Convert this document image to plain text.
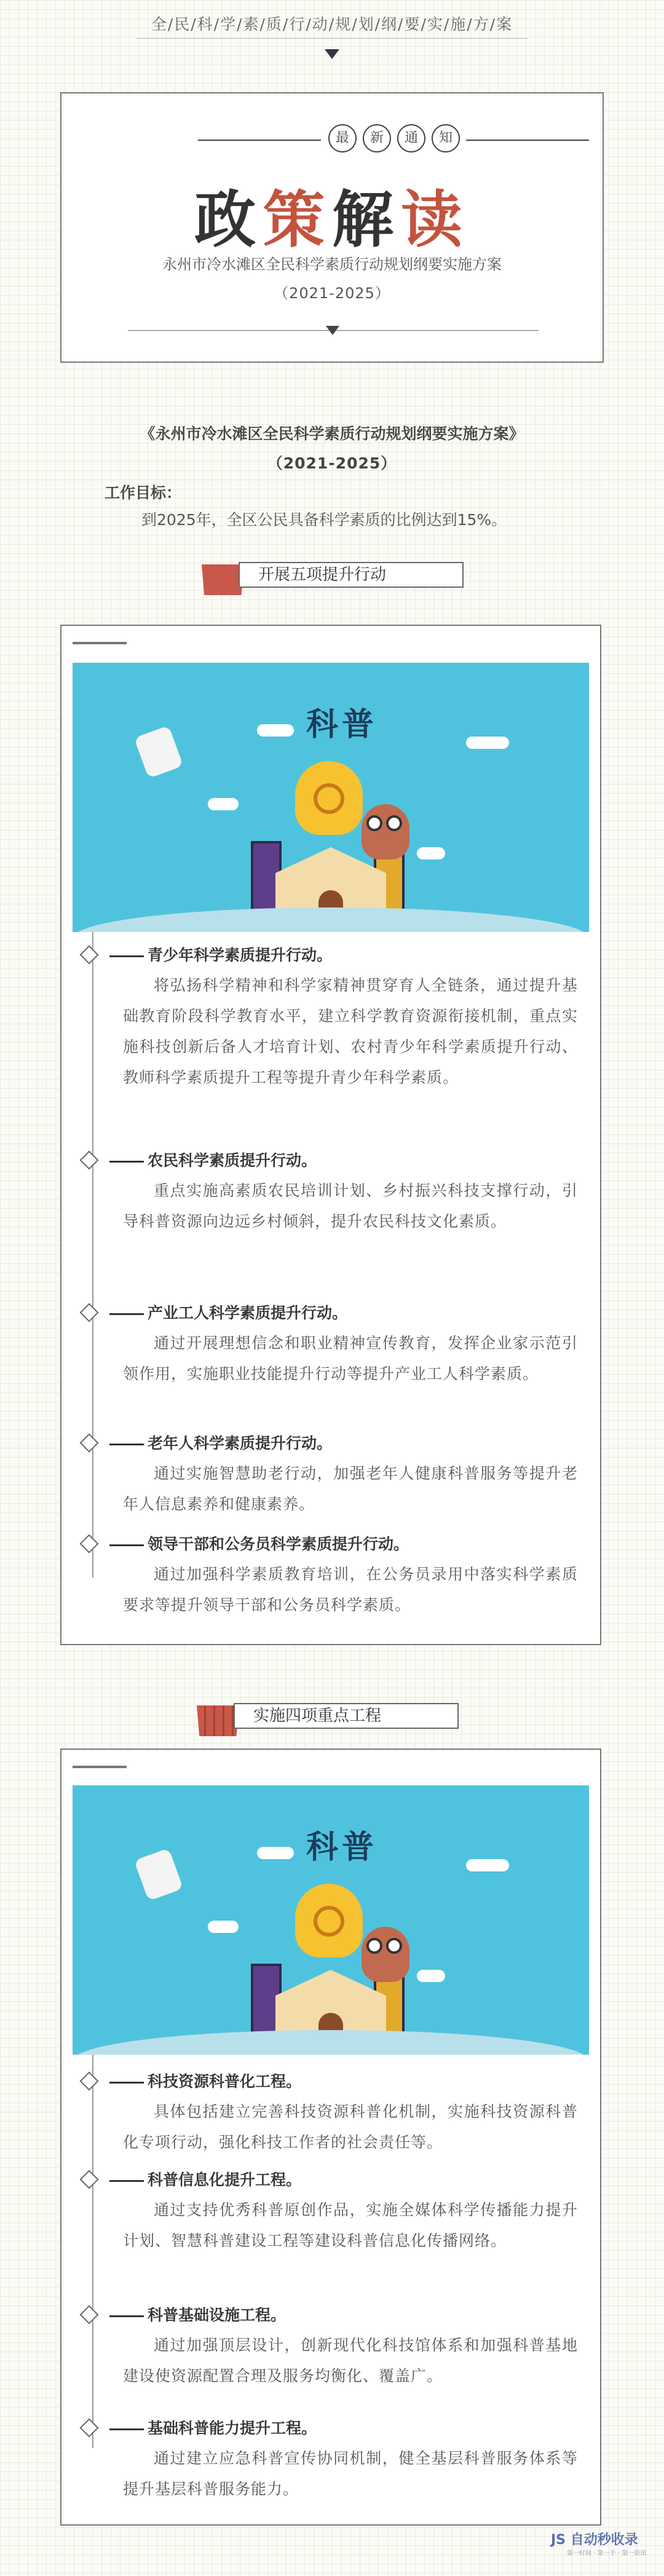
全/民/科/学/素/质/行/动/规/划/纲/要/实/施/方/案
最	新	通	知
政策解读
永州市冷水滩区全民科学素质行动规划纲要实施方案
（2021-2025）
《永州市冷水滩区全民科学素质行动规划纲要实施方案》
（2021-2025）
工作目标：
到2025年，全区公民具备科学素质的比例达到15%。
开展五项提升行动
科普
青少年科学素质提升行动。
将弘扬科学精神和科学家精神贯穿育人全链条，通过提升基础教育阶段科学教育水平，建立科学教育资源衔接机制，重点实施科技创新后备人才培育计划、农村青少年科学素质提升行动、教师科学素质提升工程等提升青少年科学素质。
农民科学素质提升行动。
重点实施高素质农民培训计划、乡村振兴科技支撑行动，引导科普资源向边远乡村倾斜，提升农民科技文化素质。
产业工人科学素质提升行动。
通过开展理想信念和职业精神宣传教育，发挥企业家示范引领作用，实施职业技能提升行动等提升产业工人科学素质。
老年人科学素质提升行动。
通过实施智慧助老行动，加强老年人健康科普服务等提升老年人信息素养和健康素养。
领导干部和公务员科学素质提升行动。
通过加强科学素质教育培训，在公务员录用中落实科学素质要求等提升领导干部和公务员科学素质。
实施四项重点工程
科普
科技资源科普化工程。
具体包括建立完善科技资源科普化机制，实施科技资源科普化专项行动，强化科技工作者的社会责任等。
科普信息化提升工程。
通过支持优秀科普原创作品，实施全媒体科学传播能力提升计划、智慧科普建设工程等建设科普信息化传播网络。
科普基础设施工程。
通过加强顶层设计，创新现代化科技馆体系和加强科普基地建设使资源配置合理及服务均衡化、覆盖广。
基础科普能力提升工程。
通过建立应急科普宣传协同机制，健全基层科普服务体系等提升基层科普服务能力。
JS 自动秒收录
第一时间 · 第一手 · 第一资讯
